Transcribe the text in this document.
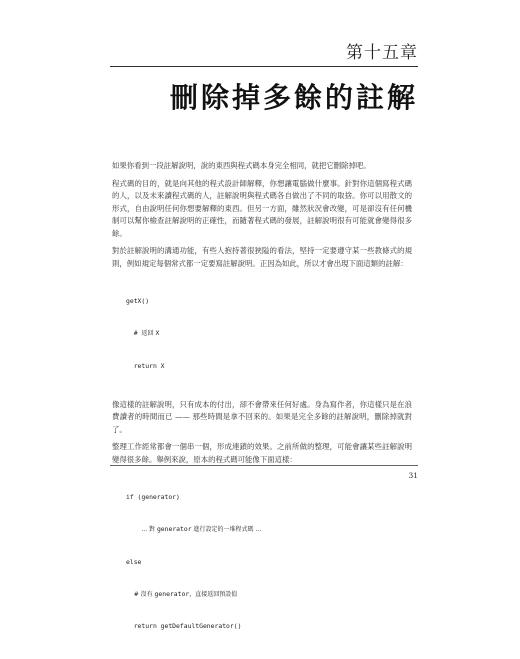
第十五章
刪除掉多餘的註解

如果你看到一段註解說明，說的東西與程式碼本身完全相同，就把它刪除掉吧。

程式碼的目的，就是向其他的程式設計師解釋，你想讓電腦做什麼事。針對你這個寫程式碼的人，以及未來讀程式碼的人，註解說明與程式碼各自做出了不同的取捨。你可以用散文的形式，自由說明任何你想要解釋的東西。但另一方面，雖然狀況會改變，可是卻沒有任何機制可以幫你檢查註解說明的正確性，而隨著程式碼的發展，註解說明很有可能就會變得很多餘。

對於註解說明的溝通功能，有些人抱持著很狹隘的看法，堅持一定要遵守某一些教條式的規則，例如規定每個常式都一定要寫註解說明。正因為如此，所以才會出現下面這類的註解：

getX()

# 返回 X

return X

像這樣的註解說明，只有成本的付出，卻不會帶來任何好處。身為寫作者，你這樣只是在浪費讀者的時間而已 —— 那些時間是拿不回來的。如果是完全多餘的註解說明，刪除掉就對了。

整理工作經常都會一個串一個，形成連鎖的效果。之前所做的整理，可能會讓某些註解說明變得很多餘。舉例來說，原本的程式碼可能像下面這樣：

if (generator)

... 對 generator 進行設定的一堆程式碼 ...

else

# 沒有 generator，直接返回預設值

return getDefaultGenerator()

31
